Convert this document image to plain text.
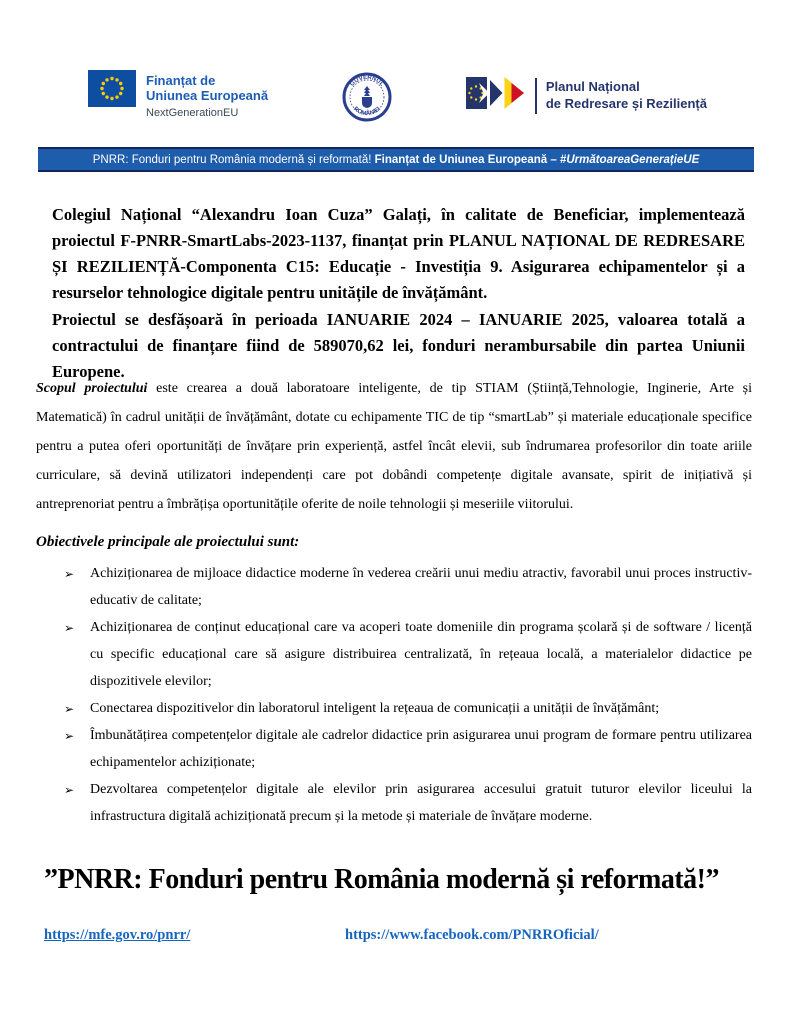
Finanțat de
Uniunea Europeană
NextGenerationEU
GUVERNUL
ROMÂNIEI
Planul Național
de Redresare și Reziliență
PNRR: Fonduri pentru România modernă și reformată! Finanțat de Uniunea Europeană – #UrmătoareaGenerațieUE

Colegiul Național “Alexandru Ioan Cuza” Galați, în calitate de Beneficiar, implementează proiectul F-PNRR-SmartLabs-2023-1137, finanțat prin PLANUL NAȚIONAL DE REDRESARE ȘI REZILIENȚĂ-Componenta C15: Educație - Investiția 9. Asigurarea echipamentelor și a resurselor tehnologice digitale pentru unitățile de învățământ.

Proiectul se desfășoară în perioada IANUARIE 2024 – IANUARIE 2025, valoarea totală a contractului de finanțare fiind de 589070,62 lei, fonduri nerambursabile din partea Uniunii Europene.

Scopul proiectului este crearea a două laboratoare inteligente, de tip STIAM (Știință,Tehnologie, Inginerie, Arte și Matematică) în cadrul unității de învățământ, dotate cu echipamente TIC de tip “smartLab” și materiale educaționale specifice pentru a putea oferi oportunități de învățare prin experiență, astfel încât elevii, sub îndrumarea profesorilor din toate ariile curriculare, să devină utilizatori independenți care pot dobândi competențe digitale avansate, spirit de inițiativă și antreprenoriat pentru a îmbrățișa oportunitățile oferite de noile tehnologii și meseriile viitorului.
Obiectivele principale ale proiectului sunt:
➢ Achiziționarea de mijloace didactice moderne în vederea creării unui mediu atractiv, favorabil unui proces instructiv-educativ de calitate;
➢ Achiziționarea de conținut educațional care va acoperi toate domeniile din programa școlară și de software / licență cu specific educațional care să asigure distribuirea centralizată, în rețeaua locală, a materialelor didactice pe dispozitivele elevilor;
➢ Conectarea dispozitivelor din laboratorul inteligent la rețeaua de comunicații a unității de învățământ;
➢ Îmbunătățirea competențelor digitale ale cadrelor didactice prin asigurarea unui program de formare pentru utilizarea echipamentelor achiziționate;
➢ Dezvoltarea competențelor digitale ale elevilor prin asigurarea accesului gratuit tuturor elevilor liceului la infrastructura digitală achiziționată precum și la metode și materiale de învățare moderne.
”PNRR: Fonduri pentru România modernă și reformată!”
https://mfe.gov.ro/pnrr/	https://www.facebook.com/PNRROficial/
